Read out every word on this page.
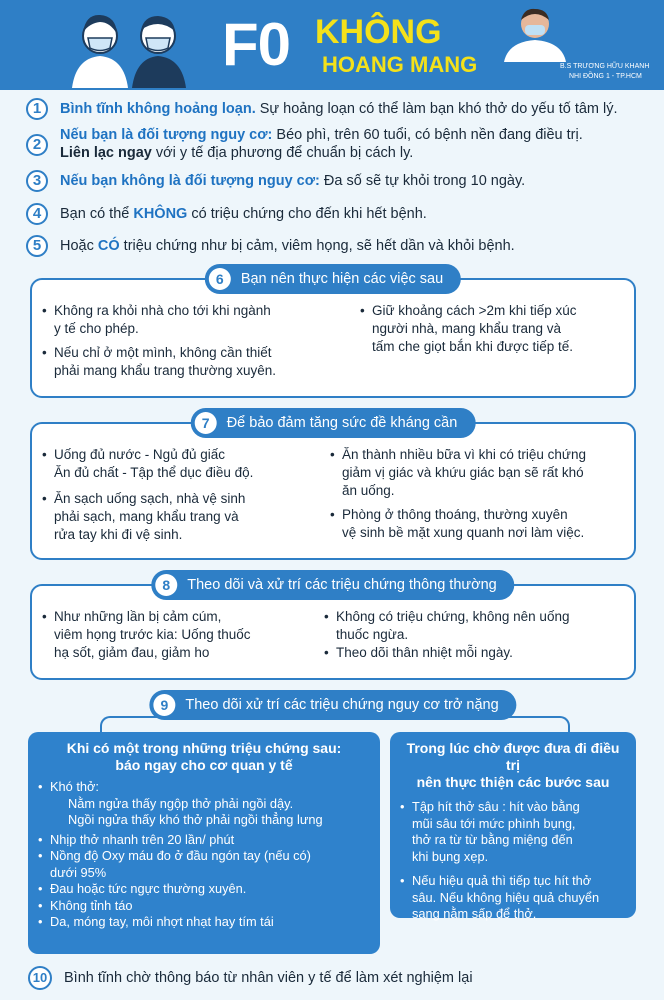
F0 KHÔNG
HOANG MANG	B.S TRƯƠNG HỮU KHANH
NHI ĐỒNG 1 - TP.HCM
1	Bình tĩnh không hoảng loạn. Sự hoảng loạn có thể làm bạn khó thở do yếu tố tâm lý.
2
Nếu bạn là đối tượng nguy cơ: Béo phì, trên 60 tuổi, có bệnh nền đang điều trị.
Liên lạc ngay với y tế địa phương để chuẩn bị cách ly.
3	Nếu bạn không là đối tượng nguy cơ: Đa số sẽ tự khỏi trong 10 ngày.
4	Bạn có thể KHÔNG có triệu chứng cho đến khi hết bệnh.
5	Hoặc CÓ triệu chứng như bị cảm, viêm họng, sẽ hết dần và khỏi bệnh.
6	Bạn nên thực hiện các việc sau
• Không ra khỏi nhà cho tới khi ngành
y tế cho phép.
• Nếu chỉ ở một mình, không cần thiết
phải mang khẩu trang thường xuyên.
• Giữ khoảng cách >2m khi tiếp xúc
người nhà, mang khẩu trang và
tấm che giọt bắn khi được tiếp tế.
7	Để bảo đảm tăng sức đề kháng cần
• Uống đủ nước - Ngủ đủ giấc
Ăn đủ chất - Tập thể dục điều độ.
• Ăn sạch uống sạch, nhà vệ sinh
phải sạch, mang khẩu trang và
rửa tay khi đi vệ sinh.
• Ăn thành nhiều bữa vì khi có triệu chứng
giảm vị giác và khứu giác bạn sẽ rất khó
ăn uống.
• Phòng ở thông thoáng, thường xuyên
vệ sinh bề mặt xung quanh nơi làm việc.
8	Theo dõi và xử trí các triệu chứng thông thường
• Như những lần bị cảm cúm,
viêm họng trước kia: Uống thuốc
hạ sốt, giảm đau, giảm ho
• Không có triệu chứng, không nên uống
thuốc ngừa.
• Theo dõi thân nhiệt mỗi ngày.
9	Theo dõi xử trí các triệu chứng nguy cơ trở nặng
Khi có một trong những triệu chứng sau:
báo ngay cho cơ quan y tế
• Khó thở:
Nằm ngửa thấy ngộp thở phải ngồi dậy.
Ngồi ngửa thấy khó thở phải ngồi thẳng lưng
• Nhịp thở nhanh trên 20 lần/ phút
• Nồng độ Oxy máu đo ở đầu ngón tay (nếu có)
dưới 95%
• Đau hoặc tức ngực thường xuyên.
• Không tỉnh táo
• Da, móng tay, môi nhợt nhạt hay tím tái
Trong lúc chờ được đưa đi điều trị
nên thực thiện các bước sau
• Tập hít thở sâu : hít vào bằng
mũi sâu tới mức phình bụng,
thở ra từ từ bằng miệng đến
khi bụng xẹp.
• Nếu hiệu quả thì tiếp tục hít thở
sâu. Nếu không hiệu quả chuyển
sang nằm sấp để thở.
10	Bình tĩnh chờ thông báo từ nhân viên y tế để làm xét nghiệm lại
